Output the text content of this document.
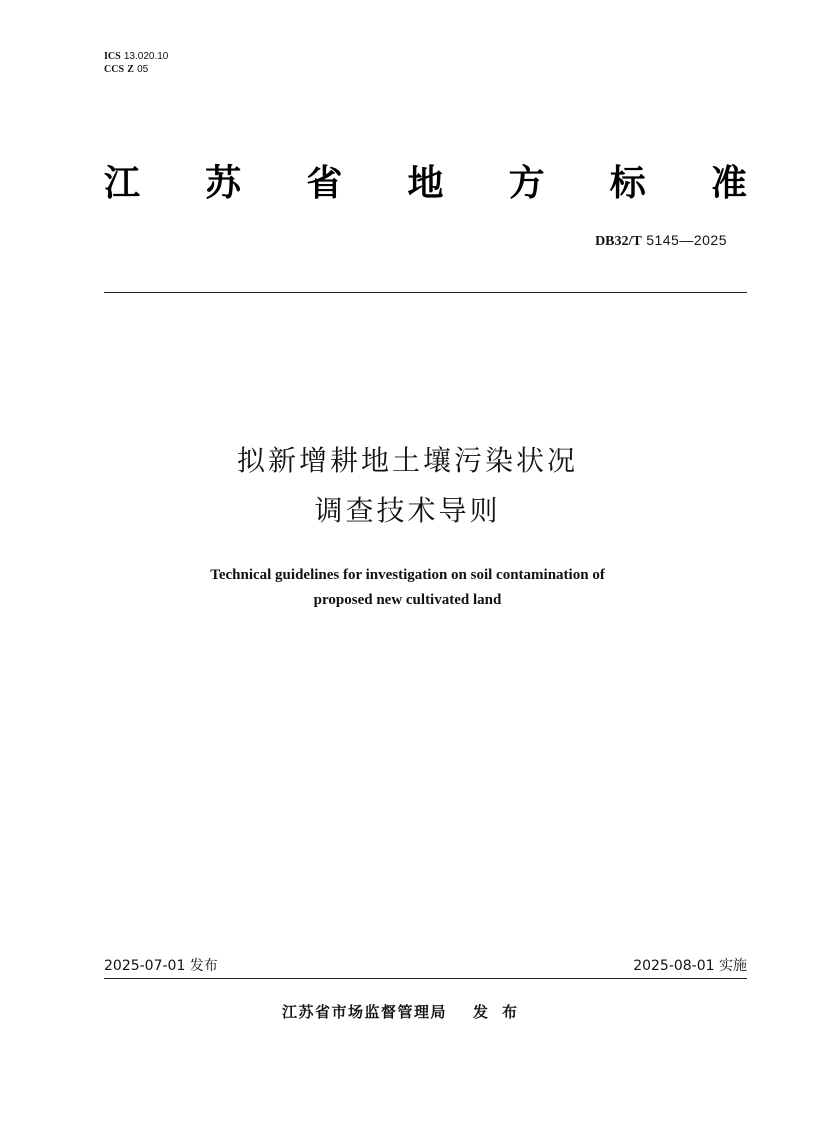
ICS 13.020.10
CCS Z 05
江 苏 省 地 方 标 准
DB32/T 5145—2025
拟新增耕地土壤污染状况
调查技术导则
Technical guidelines for investigation on soil contamination of
proposed new cultivated land
2025-07-01 发布	2025-08-01 实施
江苏省市场监督管理局 发布
